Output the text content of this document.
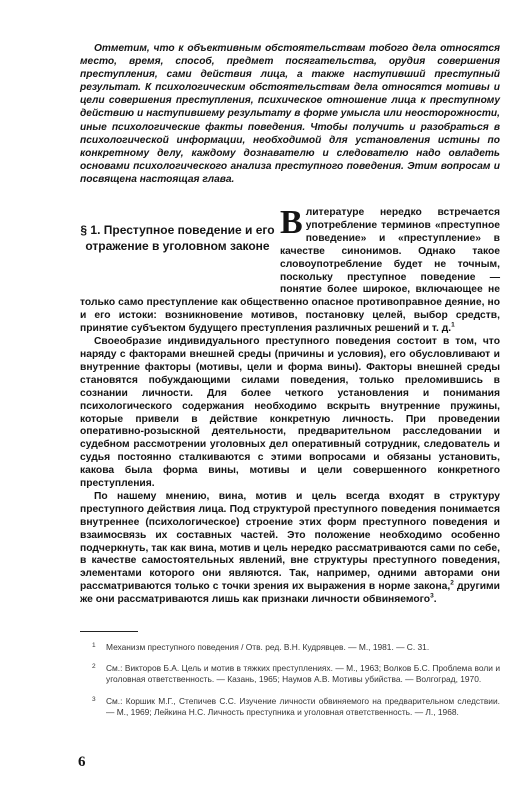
Отметим, что к объективным обстоятельствам тобого дела относятся место, время, способ, предмет посягательства, орудия совершения преступления, сами действия лица, а также наступивший преступный результат. К психологическим обстоятельствам дела относятся мотивы и цели совершения преступления, психическое отношение лица к преступному действию и наступившему результату в форме умысла или неосторожности, иные психологические факты поведения. Чтобы получить и разобраться в психологической информации, необходимой для установления истины по конкретному делу, каждому дознавателю и следователю надо овладеть основами психологического анализа преступного поведения. Этим вопросам и посвящена настоящая глава.

§ 1. Преступное поведение и его отражение в уголовном законе

Влитературе нередко встречается употребление терминов «преступное поведение» и «преступление» в качестве синонимов. Однако такое словоупотребление будет не точным, поскольку преступное поведение — понятие более широкое, включающее не только само преступление как общественно опасное противоправное деяние, но и его истоки: возникновение мотивов, постановку целей, выбор средств, принятие субъектом будущего преступления различных решений и т. д.$^1$

Своеобразие индивидуального преступного поведения состоит в том, что наряду с факторами внешней среды (причины и условия), его обусловливают и внутренние факторы (мотивы, цели и форма вины). Факторы внешней среды становятся побуждающими силами поведения, только преломившись в сознании личности. Для более четкого установления и понимания психологического содержания необходимо вскрыть внутренние пружины, которые привели в действие конкретную личность. При проведении оперативно-розыскной деятельности, предварительном расследовании и судебном рассмотрении уголовных дел оперативный сотрудник, следователь и судья постоянно сталкиваются с этими вопросами и обязаны установить, какова была форма вины, мотивы и цели совершенного конкретного преступления.

По нашему мнению, вина, мотив и цель всегда входят в структуру преступного действия лица. Под структурой преступного поведения понимается внутреннее (психологическое) строение этих форм преступного поведения и взаимосвязь их составных частей. Это положение необходимо особенно подчеркнуть, так как вина, мотив и цель нередко рассматриваются сами по себе, в качестве самостоятельных явлений, вне структуры преступного поведения, элементами которого они являются. Так, например, одними авторами они рассматриваются только с точки зрения их выражения в норме закона,$^2$ другими же они рассматриваются лишь как признаки личности обвиняемого$^3$.

1 Механизм преступного поведения / Отв. ред. В.Н. Кудрявцев. — М., 1981. — С. 31.
2 См.: Викторов Б.А. Цель и мотив в тяжких преступлениях. — М., 1963; Волков Б.С. Проблема воли и уголовная ответственность. — Казань, 1965; Наумов А.В. Мотивы убийства. — Волгоград, 1970.
3 См.: Коршик М.Г., Степичев С.С. Изучение личности обвиняемого на предварительном следствии. — М., 1969; Лейкина Н.С. Личность преступника и уголовная ответственность. — Л., 1968.
6
